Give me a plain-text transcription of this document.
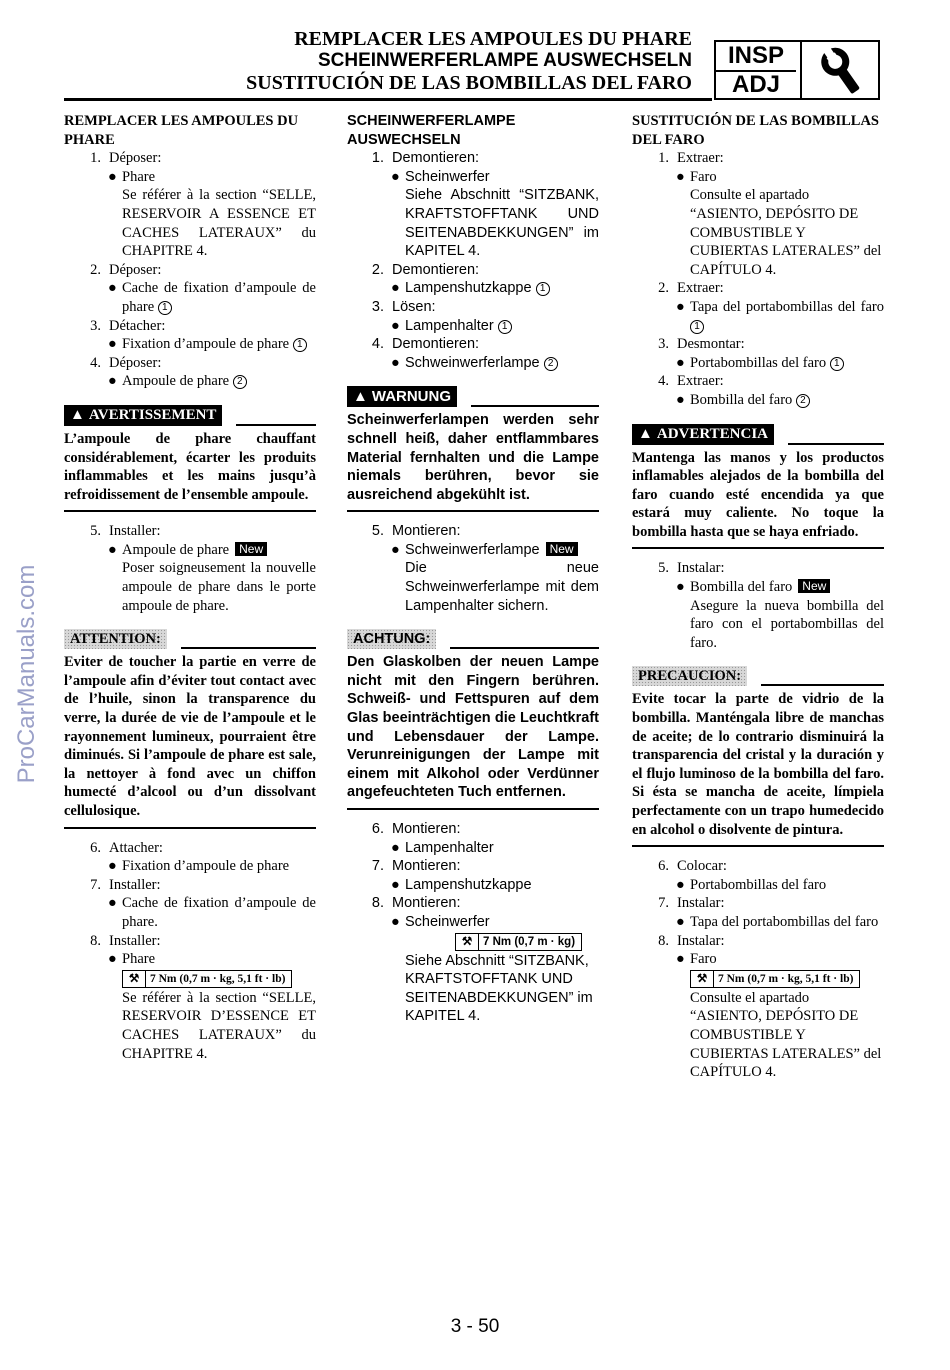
REMPLACER LES AMPOULES DU PHARE
SCHEINWERFERLAMPE AUSWECHSELN
SUSTITUCIÓN DE LAS BOMBILLAS DEL FARO
INSP
ADJ
ProCarManuals.com
REMPLACER LES AMPOULES DU PHARE
1. Déposer:
● Phare
Se référer à la section “SELLE, RESERVOIR A ESSENCE ET CACHES LATERAUX” du CHAPITRE 4.
2. Déposer:
● Cache de fixation d’ampoule de phare 1
3. Détacher:
● Fixation d’ampoule de phare 1
4. Déposer:
● Ampoule de phare 2
▲ AVERTISSEMENT
L’ampoule de phare chauffant considérablement, écarter les produits inflammables et les mains jusqu’à refroidissement de l’ensemble ampoule.
5. Installer:
● Ampoule de phare New
Poser soigneusement la nouvelle ampoule de phare dans le porte ampoule de phare.
ATTENTION:
Eviter de toucher la partie en verre de l’ampoule afin d’éviter tout contact avec de l’huile, sinon la transparence du verre, la durée de vie de l’ampoule et le rayonnement lumineux, pourraient être diminués. Si l’ampoule de phare est sale, la nettoyer à fond avec un chiffon humecté d’alcool ou d’un dissolvant cellulosique.
6. Attacher:
● Fixation d’ampoule de phare
7. Installer:
● Cache de fixation d’ampoule de phare.
8. Installer:
● Phare
⚒ 7 Nm (0,7 m · kg, 5,1 ft · lb)
Se référer à la section “SELLE, RESERVOIR D’ESSENCE ET CACHES LATERAUX” du CHAPITRE 4.
SCHEINWERFERLAMPE AUSWECHSELN
1. Demontieren:
● Scheinwerfer
Siehe Abschnitt “SITZBANK, KRAFTSTOFFTANK UND SEITENABDEKKUNGEN” im KAPITEL 4.
2. Demontieren:
● Lampenshutzkappe 1
3. Lösen:
● Lampenhalter 1
4. Demontieren:
● Schweinwerferlampe 2
▲ WARNUNG
Scheinwerferlampen werden sehr schnell heiß, daher entflammbares Material fernhalten und die Lampe niemals berühren, bevor sie ausreichend abgekühlt ist.
5. Montieren:
● Schweinwerferlampe New
Die neue Schweinwerferlampe mit dem Lampenhalter sichern.
ACHTUNG:
Den Glaskolben der neuen Lampe nicht mit den Fingern berühren. Schweiß- und Fettspuren auf dem Glas beeinträchtigen die Leuchtkraft und Lebensdauer der Lampe. Verunreinigungen der Lampe mit einem mit Alkohol oder Verdünner angefeuchteten Tuch entfernen.
6. Montieren:
● Lampenhalter
7. Montieren:
● Lampenshutzkappe
8. Montieren:
● Scheinwerfer
⚒ 7 Nm (0,7 m · kg)
Siehe Abschnitt “SITZBANK, KRAFTSTOFFTANK UND SEITENABDEKKUNGEN” im KAPITEL 4.
SUSTITUCIÓN DE LAS BOMBILLAS DEL FARO
1. Extraer:
● Faro
Consulte el apartado “ASIENTO, DEPÓSITO DE COMBUSTIBLE Y CUBIERTAS LATERALES” del CAPÍTULO 4.
2. Extraer:
● Tapa del portabombillas del faro 1
3. Desmontar:
● Portabombillas del faro 1
4. Extraer:
● Bombilla del faro 2
▲ ADVERTENCIA
Mantenga las manos y los productos inflamables alejados de la bombilla del faro cuando esté encendida ya que estará muy caliente. No toque la bombilla hasta que se haya enfriado.
5. Instalar:
● Bombilla del faro New
Asegure la nueva bombilla del faro con el portabombillas del faro.
PRECAUCION:
Evite tocar la parte de vidrio de la bombilla. Manténgala libre de manchas de aceite; de lo contrario disminuirá la transparencia del cristal y la duración y el flujo luminoso de la bombilla del faro. Si ésta se mancha de aceite, límpiela perfectamente con un trapo humedecido en alcohol o disolvente de pintura.
6. Colocar:
● Portabombillas del faro
7. Instalar:
● Tapa del portabombillas del faro
8. Instalar:
● Faro
⚒ 7 Nm (0,7 m · kg, 5,1 ft · lb)
Consulte el apartado “ASIENTO, DEPÓSITO DE COMBUSTIBLE Y CUBIERTAS LATERALES” del CAPÍTULO 4.
3 - 50
